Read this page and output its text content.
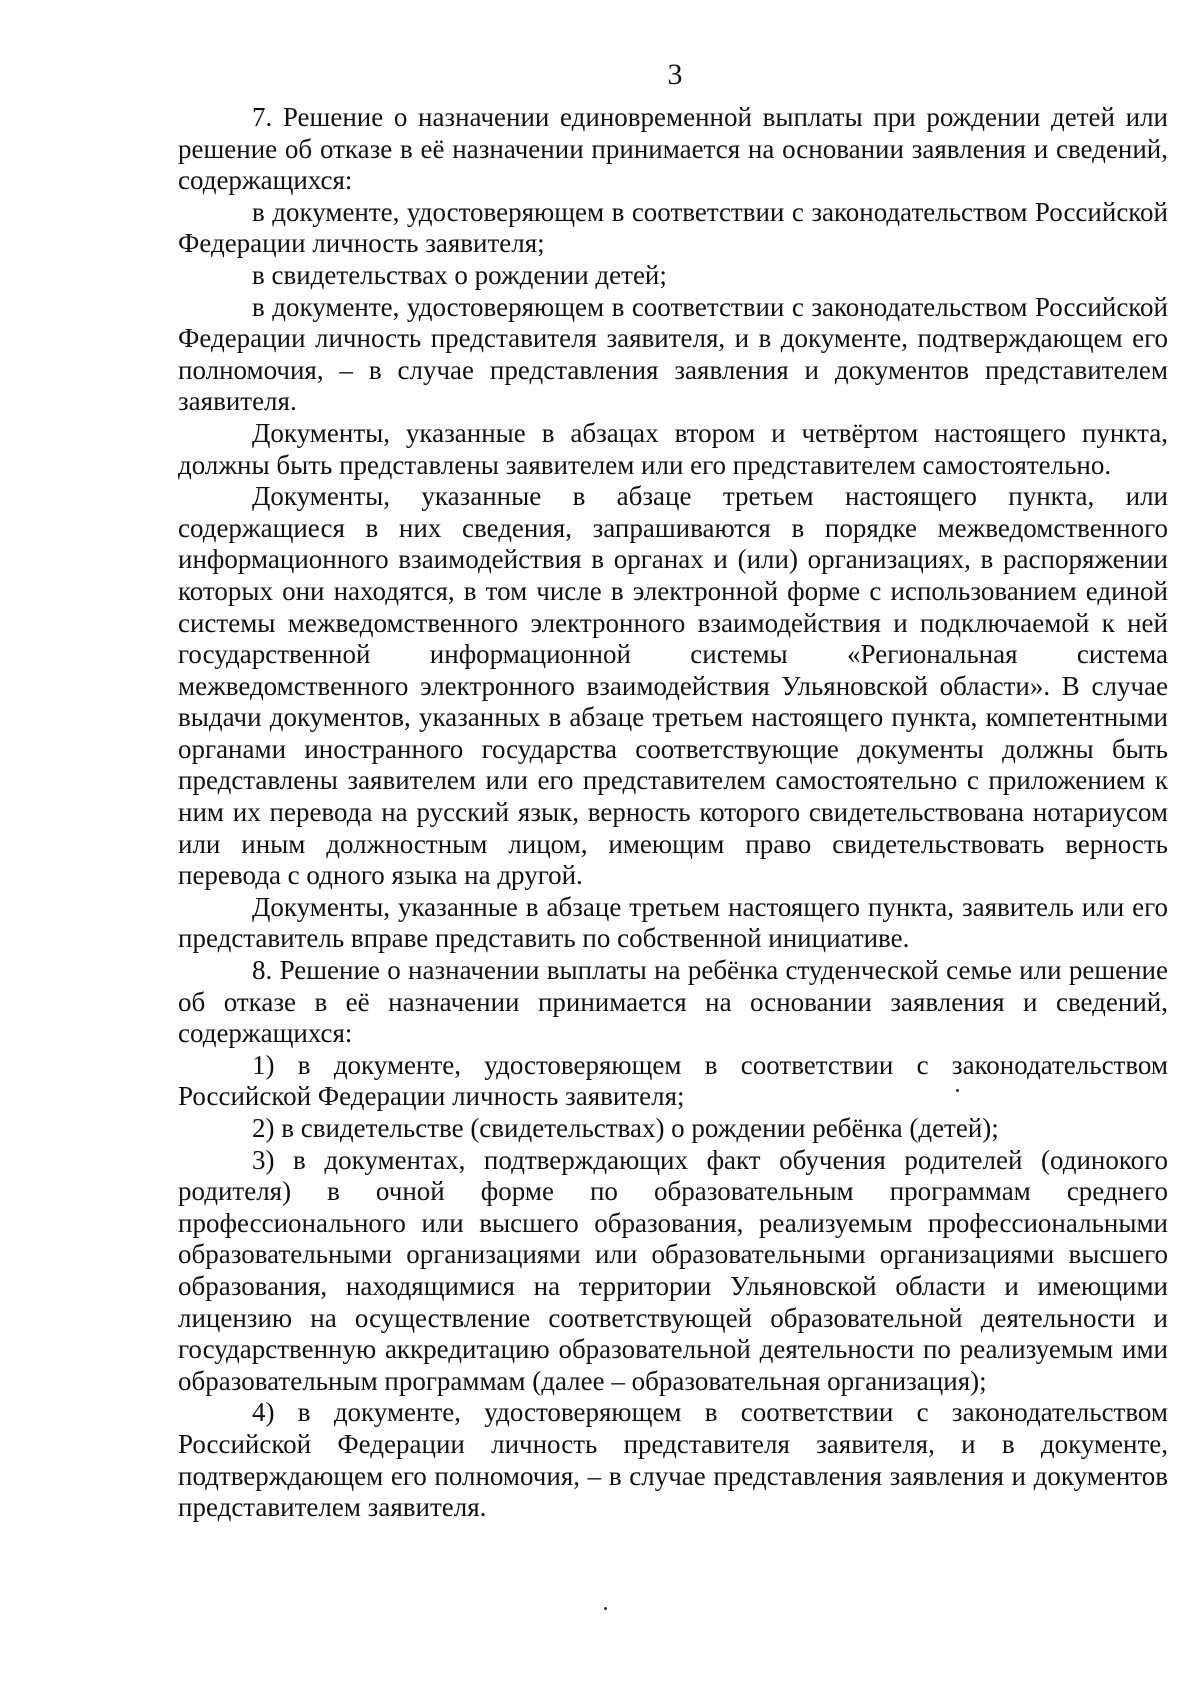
3

7. Решение о назначении единовременной выплаты при рождении детей или решение об отказе в её назначении принимается на основании заявления и сведений, содержащихся:

в документе, удостоверяющем в соответствии с законодательством Российской Федерации личность заявителя;

в свидетельствах о рождении детей;

в документе, удостоверяющем в соответствии с законодательством Российской Федерации личность представителя заявителя, и в документе, подтверждающем его полномочия, – в случае представления заявления и документов представителем заявителя.

Документы, указанные в абзацах втором и четвёртом настоящего пункта, должны быть представлены заявителем или его представителем самостоятельно.

Документы, указанные в абзаце третьем настоящего пункта, или содержащиеся в них сведения, запрашиваются в порядке межведомственного информационного взаимодействия в органах и (или) организациях, в распоряжении которых они находятся, в том числе в электронной форме с использованием единой системы межведомственного электронного взаимодействия и подключаемой к ней государственной информационной системы «Региональная система межведомственного электронного взаимодействия Ульяновской области». В случае выдачи документов, указанных в абзаце третьем настоящего пункта, компетентными органами иностранного государства соответствующие документы должны быть представлены заявителем или его представителем самостоятельно с приложением к ним их перевода на русский язык, верность которого свидетельствована нотариусом или иным должностным лицом, имеющим право свидетельствовать верность перевода с одного языка на другой.

Документы, указанные в абзаце третьем настоящего пункта, заявитель или его представитель вправе представить по собственной инициативе.

8. Решение о назначении выплаты на ребёнка студенческой семье или решение об отказе в её назначении принимается на основании заявления и сведений, содержащихся:

1) в документе, удостоверяющем в соответствии с законодательством Российской Федерации личность заявителя;

2) в свидетельстве (свидетельствах) о рождении ребёнка (детей);

3) в документах, подтверждающих факт обучения родителей (одинокого родителя) в очной форме по образовательным программам среднего профессионального или высшего образования, реализуемым профессиональными образовательными организациями или образовательными организациями высшего образования, находящимися на территории Ульяновской области и имеющими лицензию на осуществление соответствующей образовательной деятельности и государственную аккредитацию образовательной деятельности по реализуемым ими образовательным программам (далее – образовательная организация);

4) в документе, удостоверяющем в соответствии с законодательством Российской Федерации личность представителя заявителя, и в документе, подтверждающем его полномочия, – в случае представления заявления и документов представителем заявителя.
